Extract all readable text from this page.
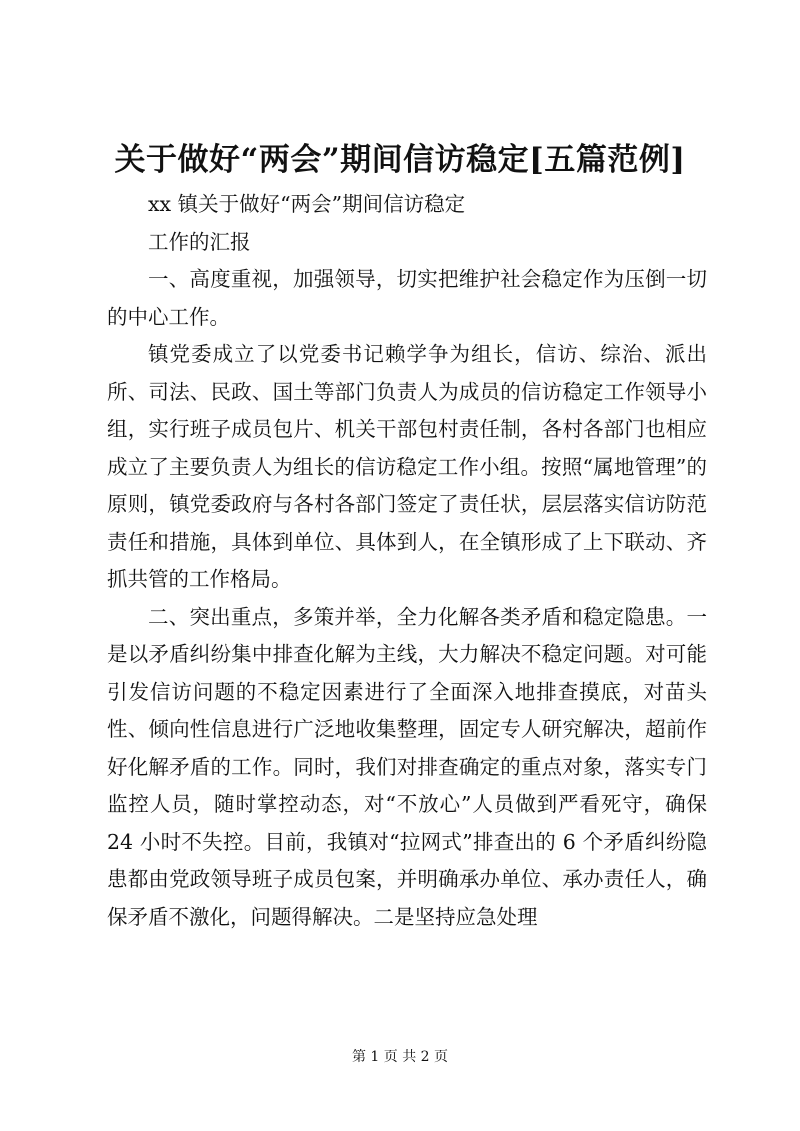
关于做好“两会”期间信访稳定[五篇范例]

xx 镇关于做好“两会”期间信访稳定

工作的汇报

一、高度重视，加强领导，切实把维护社会稳定作为压倒一切的中心工作。

镇党委成立了以党委书记赖学争为组长，信访、综治、派出所、司法、民政、国土等部门负责人为成员的信访稳定工作领导小组，实行班子成员包片、机关干部包村责任制，各村各部门也相应成立了主要负责人为组长的信访稳定工作小组。按照“属地管理”的原则，镇党委政府与各村各部门签定了责任状，层层落实信访防范责任和措施，具体到单位、具体到人，在全镇形成了上下联动、齐抓共管的工作格局。

二、突出重点，多策并举，全力化解各类矛盾和稳定隐患。一是以矛盾纠纷集中排查化解为主线，大力解决不稳定问题。对可能引发信访问题的不稳定因素进行了全面深入地排查摸底，对苗头性、倾向性信息进行广泛地收集整理，固定专人研究解决，超前作好化解矛盾的工作。同时，我们对排查确定的重点对象，落实专门监控人员，随时掌控动态，对“不放心”人员做到严看死守，确保 24 小时不失控。目前，我镇对“拉网式”排查出的 6 个矛盾纠纷隐患都由党政领导班子成员包案，并明确承办单位、承办责任人，确保矛盾不激化，问题得解决。二是坚持应急处理

第 1 页 共 2 页
